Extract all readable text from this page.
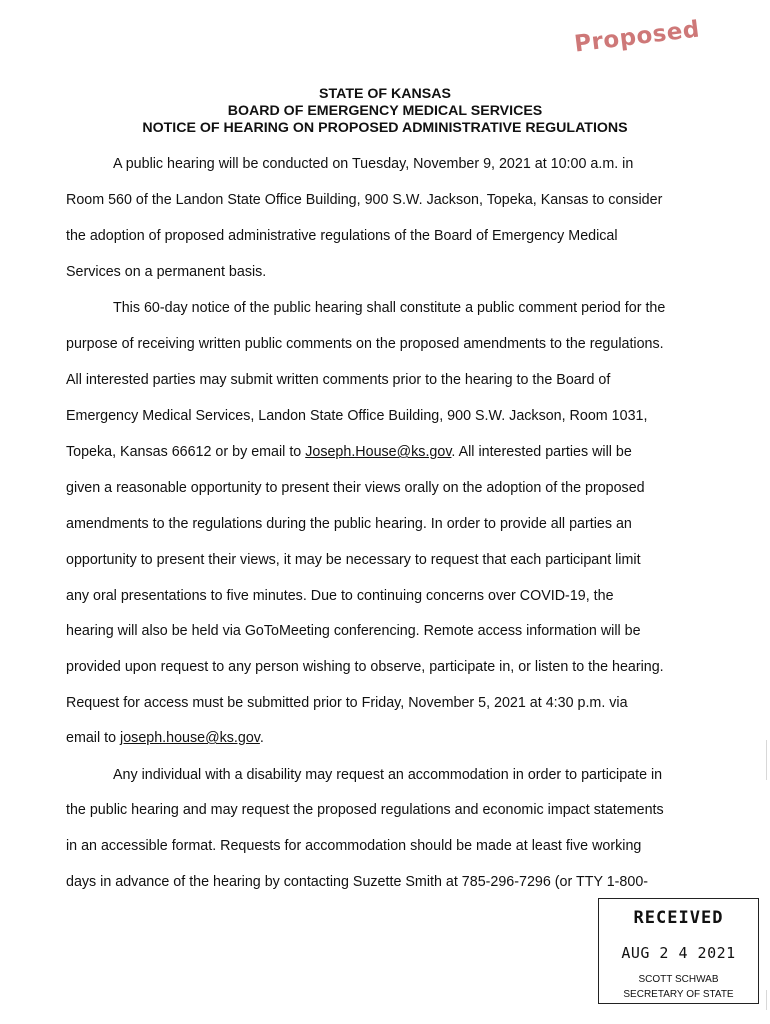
Proposed
STATE OF KANSAS
BOARD OF EMERGENCY MEDICAL SERVICES
NOTICE OF HEARING ON PROPOSED ADMINISTRATIVE REGULATIONS
A public hearing will be conducted on Tuesday, November 9, 2021 at 10:00 a.m. in
Room 560 of the Landon State Office Building, 900 S.W. Jackson, Topeka, Kansas to consider
the adoption of proposed administrative regulations of the Board of Emergency Medical
Services on a permanent basis.
This 60-day notice of the public hearing shall constitute a public comment period for the
purpose of receiving written public comments on the proposed amendments to the regulations.
All interested parties may submit written comments prior to the hearing to the Board of
Emergency Medical Services, Landon State Office Building, 900 S.W. Jackson, Room 1031,
Topeka, Kansas 66612 or by email to Joseph.House@ks.gov. All interested parties will be
given a reasonable opportunity to present their views orally on the adoption of the proposed
amendments to the regulations during the public hearing. In order to provide all parties an
opportunity to present their views, it may be necessary to request that each participant limit
any oral presentations to five minutes. Due to continuing concerns over COVID-19, the
hearing will also be held via GoToMeeting conferencing. Remote access information will be
provided upon request to any person wishing to observe, participate in, or listen to the hearing.
Request for access must be submitted prior to Friday, November 5, 2021 at 4:30 p.m. via
email to joseph.house@ks.gov.
Any individual with a disability may request an accommodation in order to participate in
the public hearing and may request the proposed regulations and economic impact statements
in an accessible format. Requests for accommodation should be made at least five working
days in advance of the hearing by contacting Suzette Smith at 785-296-7296 (or TTY 1-800-
RECEIVED
AUG 2 4 2021
SCOTT SCHWAB
SECRETARY OF STATE
